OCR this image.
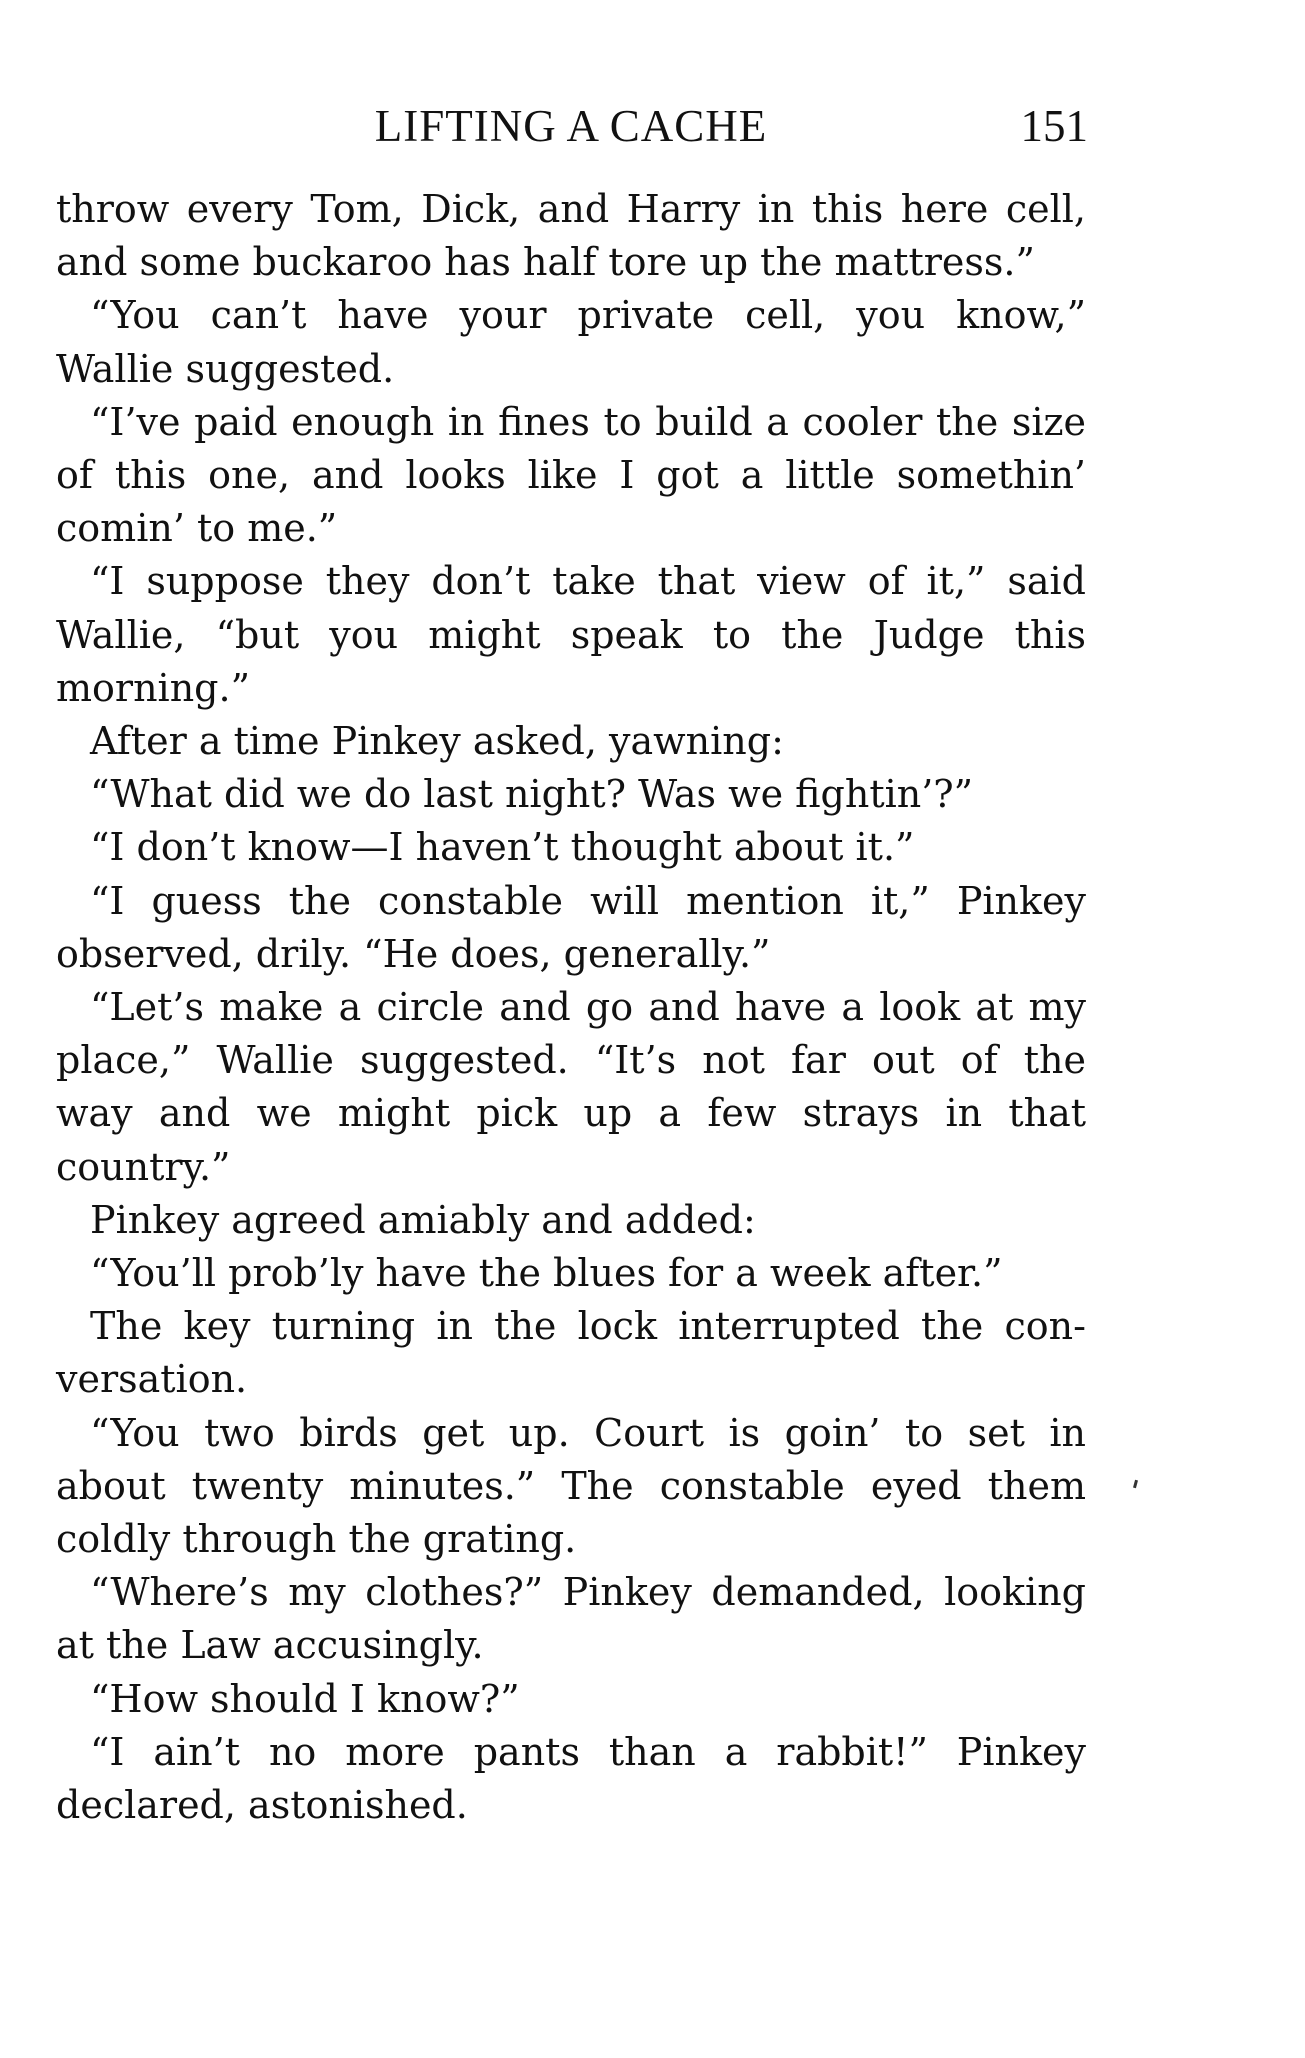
LIFTING A CACHE	151
throw every Tom, Dick, and Harry in this here cell,
and some buckaroo has half tore up the mattress.”
“You can’t have your private cell, you know,”
Wallie suggested.
“I’ve paid enough in fines to build a cooler the size
of this one, and looks like I got a little somethin’
comin’ to me.”
“I suppose they don’t take that view of it,” said
Wallie, “but you might speak to the Judge this
morning.”
After a time Pinkey asked, yawning:
“What did we do last night? Was we fightin’?”
“I don’t know—I haven’t thought about it.”
“I guess the constable will mention it,” Pinkey
observed, drily. “He does, generally.”
“Let’s make a circle and go and have a look at my
place,” Wallie suggested. “It’s not far out of the
way and we might pick up a few strays in that
country.”
Pinkey agreed amiably and added:
“You’ll prob’ly have the blues for a week after.”
The key turning in the lock interrupted the con-
versation.
“You two birds get up. Court is goin’ to set in
about twenty minutes.” The constable eyed them
coldly through the grating.
“Where’s my clothes?” Pinkey demanded, looking
at the Law accusingly.
“How should I know?”
“I ain’t no more pants than a rabbit!” Pinkey
declared, astonished.
